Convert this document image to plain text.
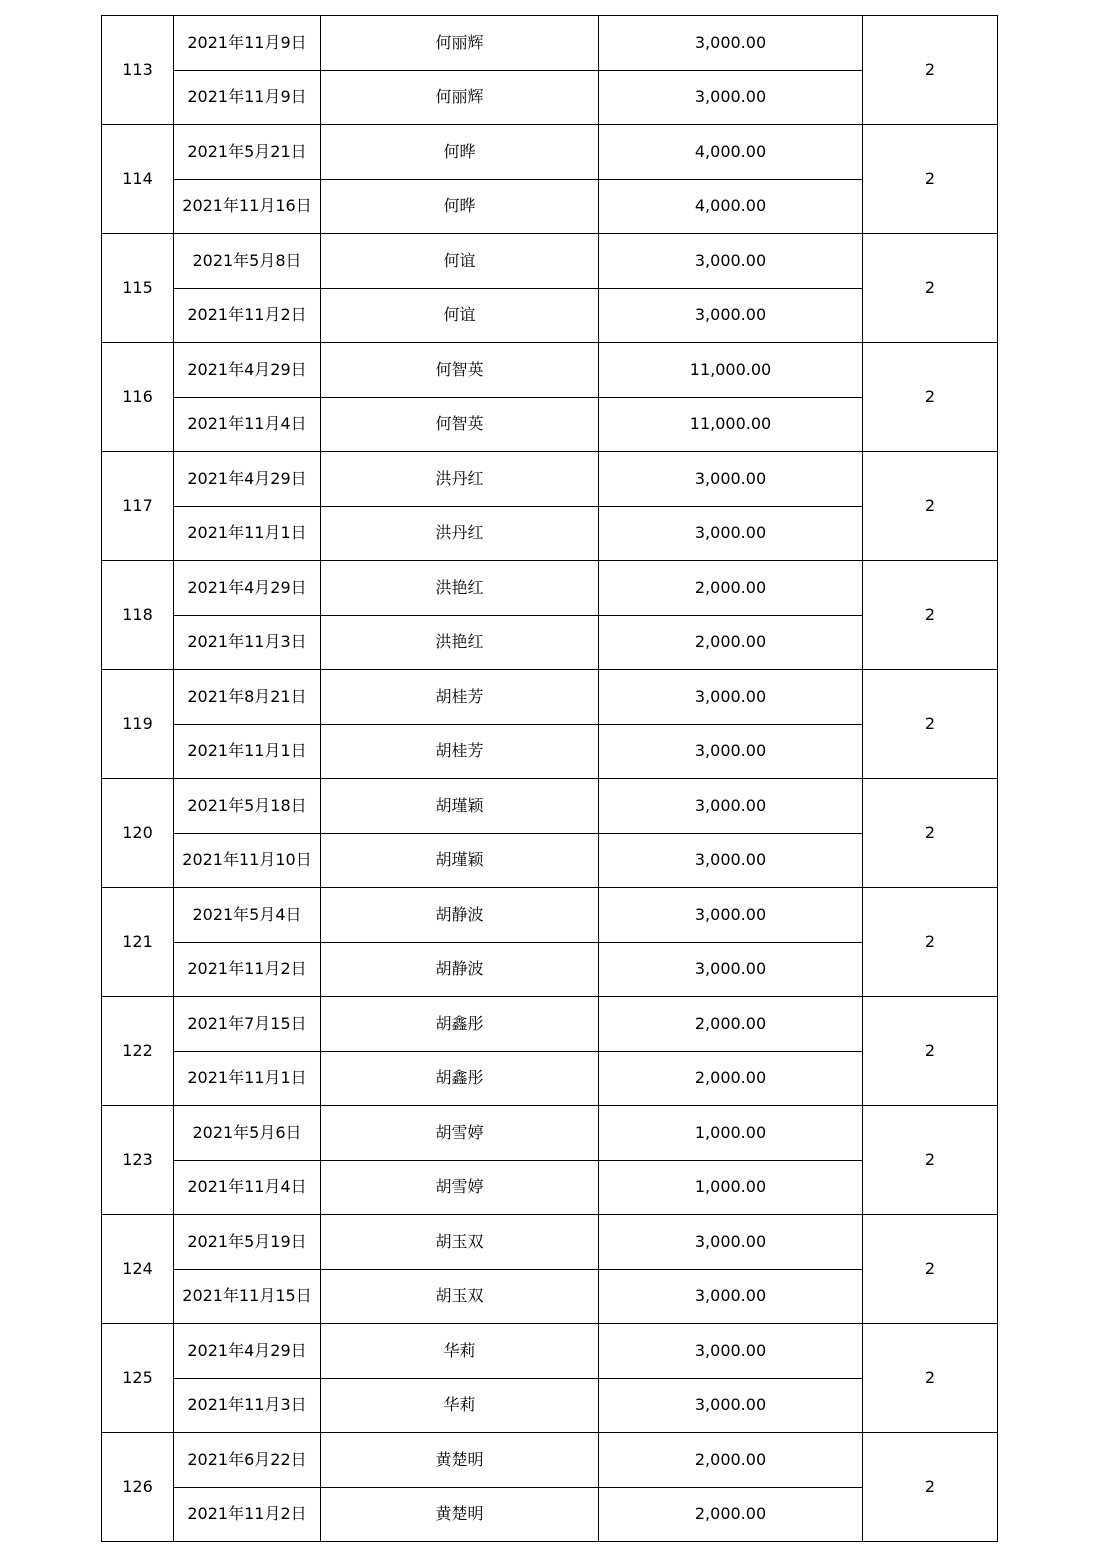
113	2021年11月9日	何丽辉	3,000.00	2
	2021年11月9日	何丽辉	3,000.00	
114	2021年5月21日	何晔	4,000.00	2
	2021年11月16日	何晔	4,000.00	
115	2021年5月8日	何谊	3,000.00	2
	2021年11月2日	何谊	3,000.00	
116	2021年4月29日	何智英	11,000.00	2
	2021年11月4日	何智英	11,000.00	
117	2021年4月29日	洪丹红	3,000.00	2
	2021年11月1日	洪丹红	3,000.00	
118	2021年4月29日	洪艳红	2,000.00	2
	2021年11月3日	洪艳红	2,000.00	
119	2021年8月21日	胡桂芳	3,000.00	2
	2021年11月1日	胡桂芳	3,000.00	
120	2021年5月18日	胡瑾颖	3,000.00	2
	2021年11月10日	胡瑾颖	3,000.00	
121	2021年5月4日	胡静波	3,000.00	2
	2021年11月2日	胡静波	3,000.00	
122	2021年7月15日	胡鑫彤	2,000.00	2
	2021年11月1日	胡鑫彤	2,000.00	
123	2021年5月6日	胡雪婷	1,000.00	2
	2021年11月4日	胡雪婷	1,000.00	
124	2021年5月19日	胡玉双	3,000.00	2
	2021年11月15日	胡玉双	3,000.00	
125	2021年4月29日	华莉	3,000.00	2
	2021年11月3日	华莉	3,000.00	
126	2021年6月22日	黄楚明	2,000.00	2
	2021年11月2日	黄楚明	2,000.00	
